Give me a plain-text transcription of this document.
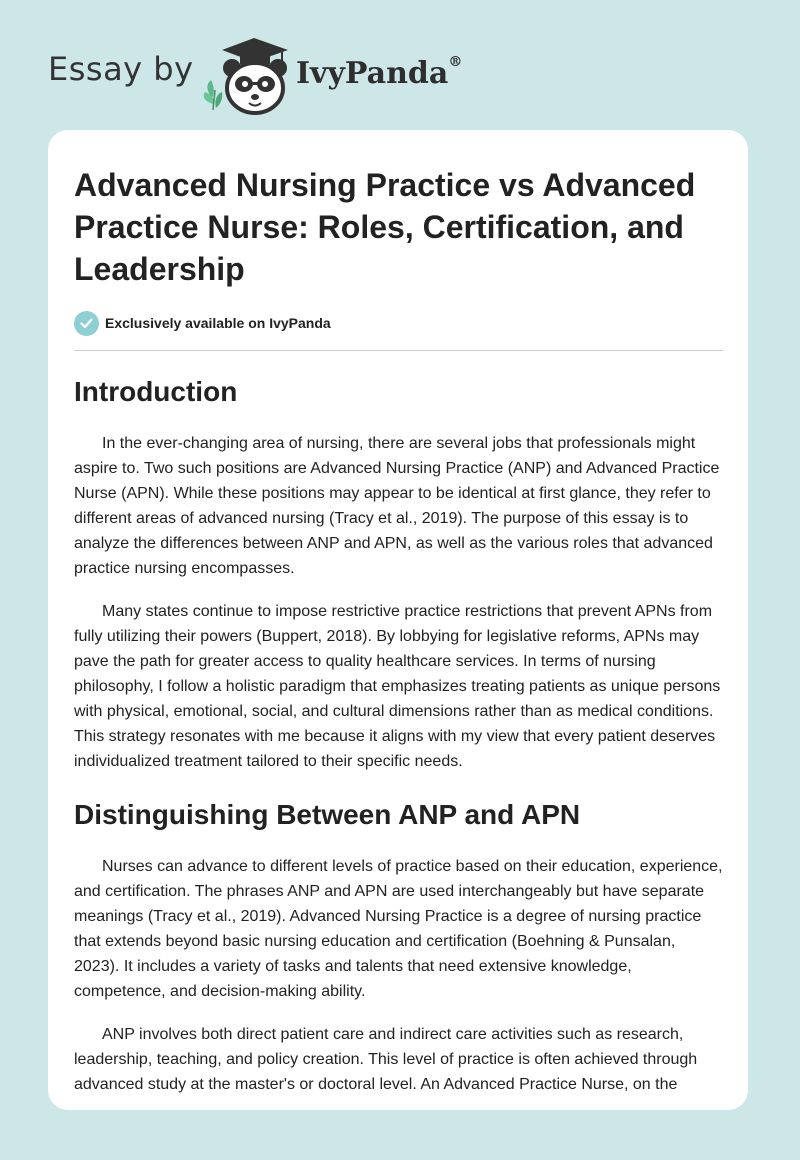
Essay by	IvyPanda®
Advanced Nursing Practice vs Advanced Practice Nurse: Roles, Certification, and Leadership
Exclusively available on IvyPanda
Introduction

In the ever-changing area of nursing, there are several jobs that professionals might aspire to. Two such positions are Advanced Nursing Practice (ANP) and Advanced Practice Nurse (APN). While these positions may appear to be identical at first glance, they refer to different areas of advanced nursing (Tracy et al., 2019). The purpose of this essay is to analyze the differences between ANP and APN, as well as the various roles that advanced practice nursing encompasses.

Many states continue to impose restrictive practice restrictions that prevent APNs from fully utilizing their powers (Buppert, 2018). By lobbying for legislative reforms, APNs may pave the path for greater access to quality healthcare services. In terms of nursing philosophy, I follow a holistic paradigm that emphasizes treating patients as unique persons with physical, emotional, social, and cultural dimensions rather than as medical conditions. This strategy resonates with me because it aligns with my view that every patient deserves individualized treatment tailored to their specific needs.

Distinguishing Between ANP and APN

Nurses can advance to different levels of practice based on their education, experience, and certification. The phrases ANP and APN are used interchangeably but have separate meanings (Tracy et al., 2019). Advanced Nursing Practice is a degree of nursing practice that extends beyond basic nursing education and certification (Boehning & Punsalan, 2023). It includes a variety of tasks and talents that need extensive knowledge, competence, and decision-making ability.

ANP involves both direct patient care and indirect care activities such as research, leadership, teaching, and policy creation. This level of practice is often achieved through advanced study at the master's or doctoral level. An Advanced Practice Nurse, on the
